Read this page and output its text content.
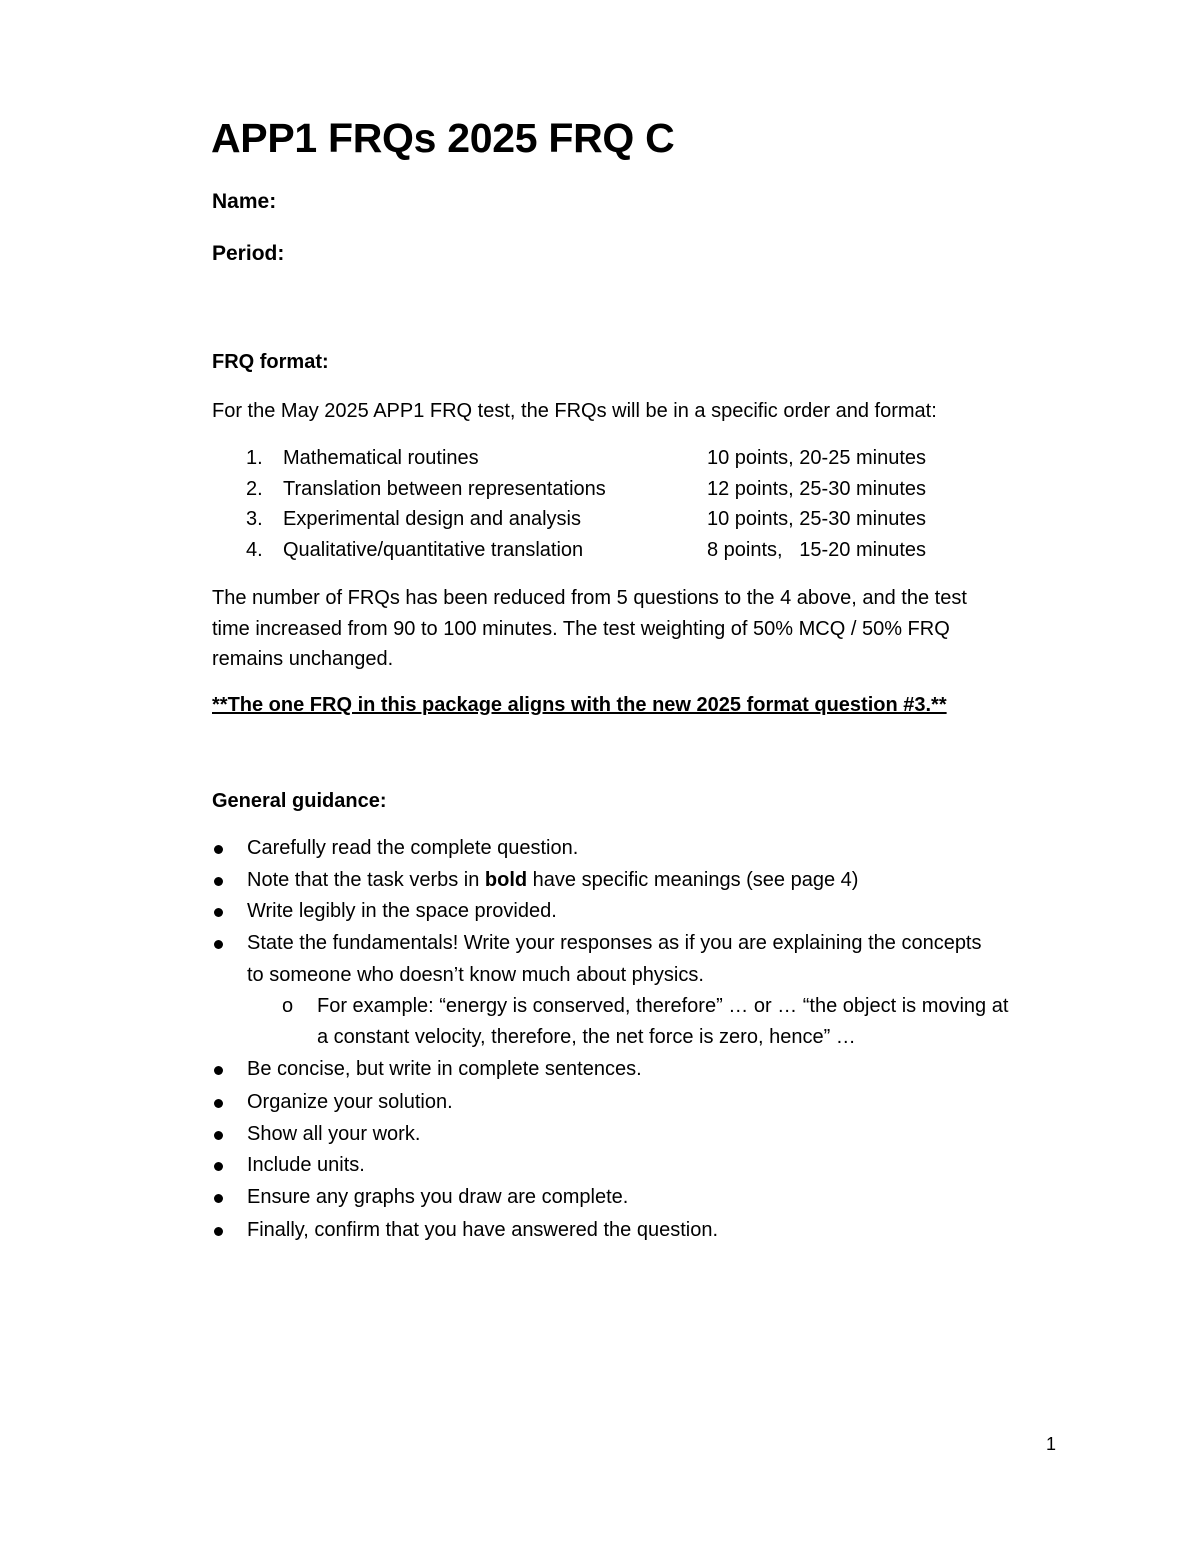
APP1 FRQs 2025 FRQ C
Name:
Period:
FRQ format:
For the May 2025 APP1 FRQ test, the FRQs will be in a specific order and format:
1. Mathematical routines	10 points, 20-25 minutes
2. Translation between representations	12 points, 25-30 minutes
3. Experimental design and analysis	10 points, 25-30 minutes
4. Qualitative/quantitative translation	8 points,   15-20 minutes
The number of FRQs has been reduced from 5 questions to the 4 above, and the test
time increased from 90 to 100 minutes. The test weighting of 50% MCQ / 50% FRQ
remains unchanged.
**The one FRQ in this package aligns with the new 2025 format question #3.**
General guidance:
Carefully read the complete question.
Note that the task verbs in bold have specific meanings (see page 4)
Write legibly in the space provided.
State the fundamentals! Write your responses as if you are explaining the concepts
to someone who doesn’t know much about physics.
o For example: “energy is conserved, therefore” … or … “the object is moving at
a constant velocity, therefore, the net force is zero, hence” …
Be concise, but write in complete sentences.
Organize your solution.
Show all your work.
Include units.
Ensure any graphs you draw are complete.
Finally, confirm that you have answered the question.
1
